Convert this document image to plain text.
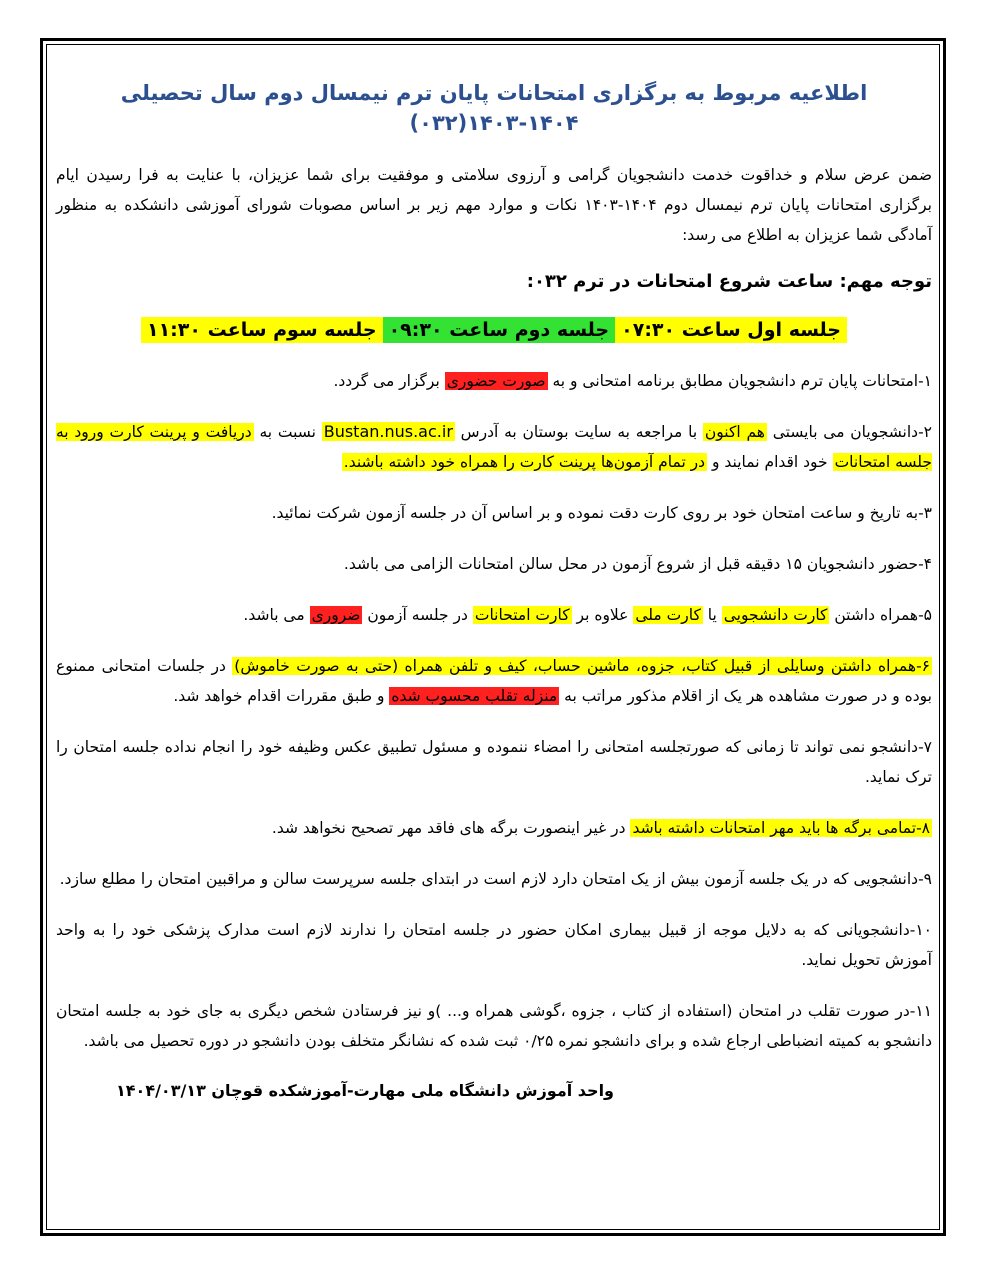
اطلاعیه مربوط به برگزاری امتحانات پایان ترم نیمسال دوم سال تحصیلی ۱۴۰۴-۱۴۰۳(۰۳۲)

ضمن عرض سلام و خداقوت خدمت دانشجویان گرامی و آرزوی سلامتی و موفقیت برای شما عزیزان، با عنایت به فرا رسیدن ایام برگزاری امتحانات پایان ترم نیمسال دوم ۱۴۰۴-۱۴۰۳ نکات و موارد مهم زیر بر اساس مصوبات شورای آموزشی دانشکده به منظور آمادگی شما عزیزان به اطلاع می رسد:

توجه مهم: ساعت شروع امتحانات در ترم ۰۳۲:
جلسه اول ساعت ۰۷:۳۰جلسه دوم ساعت ۰۹:۳۰جلسه سوم ساعت ۱۱:۳۰

۱-امتحانات پایان ترم دانشجویان مطابق برنامه امتحانی و به صورت حضوری برگزار می گردد.

۲-دانشجویان می بایستی هم اکنون با مراجعه به سایت بوستان به آدرس Bustan.nus.ac.ir نسبت به دریافت و پرینت کارت ورود به جلسه امتحانات خود اقدام نمایند و در تمام آزمون‌ها پرینت کارت را همراه خود داشته باشند.

۳-به تاریخ و ساعت امتحان خود بر روی کارت دقت نموده و بر اساس آن در جلسه آزمون شرکت نمائید.

۴-حضور دانشجویان ۱۵ دقیقه قبل از شروع آزمون در محل سالن امتحانات الزامی می باشد.

۵-همراه داشتن کارت دانشجویی یا کارت ملی علاوه بر کارت امتحانات در جلسه آزمون ضروری می باشد.

۶-همراه داشتن وسایلی از قبیل کتاب، جزوه، ماشین حساب، کیف و تلفن همراه (حتی به صورت خاموش) در جلسات امتحانی ممنوع بوده و در صورت مشاهده هر یک از اقلام مذکور مراتب به منزله تقلب محسوب شده و طبق مقررات اقدام خواهد شد.

۷-دانشجو نمی تواند تا زمانی که صورتجلسه امتحانی را امضاء ننموده و مسئول تطبیق عکس وظیفه خود را انجام نداده جلسه امتحان را ترک نماید.

۸-تمامی برگه ها باید مهر امتحانات داشته باشد در غیر اینصورت برگه های فاقد مهر تصحیح نخواهد شد.

۹-دانشجویی که در یک جلسه آزمون بیش از یک امتحان دارد لازم است در ابتدای جلسه سرپرست سالن و مراقبین امتحان را مطلع سازد.

۱۰-دانشجویانی که به دلایل موجه از قبیل بیماری امکان حضور در جلسه امتحان را ندارند لازم است مدارک پزشکی خود را به واحد آموزش تحویل نماید.

۱۱-در صورت تقلب در امتحان (استفاده از کتاب ، جزوه ،گوشی همراه و... )و نیز فرستادن شخص دیگری به جای خود به جلسه امتحان دانشجو به کمیته انضباطی ارجاع شده و برای دانشجو نمره ۰/۲۵ ثبت شده که نشانگر متخلف بودن دانشجو در دوره تحصیل می باشد.

واحد آموزش دانشگاه ملی مهارت-آموزشکده قوچان ۱۴۰۴/۰۳/۱۳
